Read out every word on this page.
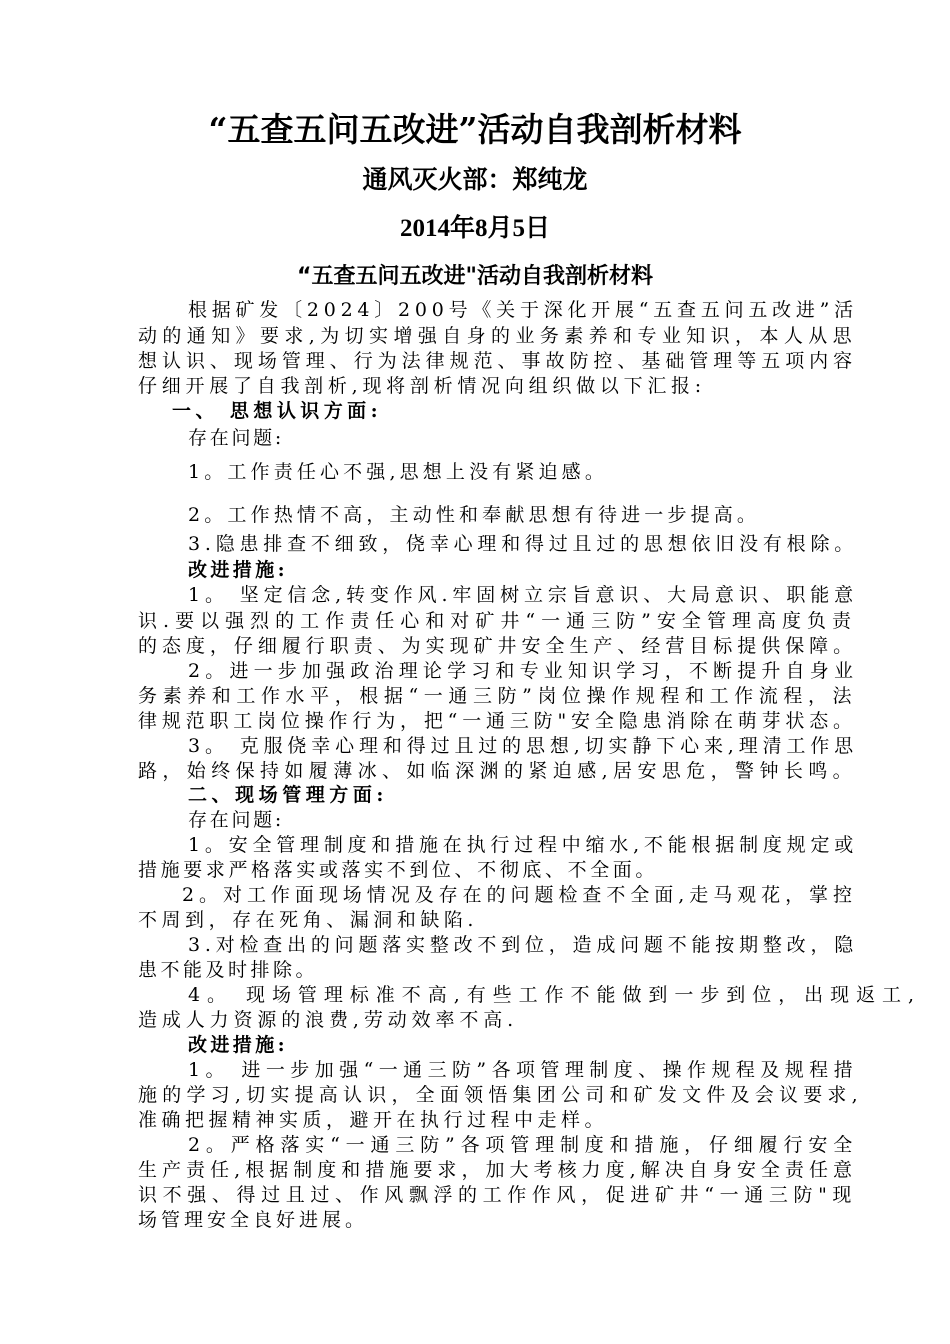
“五查五问五改进”活动自我剖析材料
通风灭火部：郑纯龙
2014年8月5日
“五查五问五改进"活动自我剖析材料
根据矿发〔2024〕200号《关于深化开展“五查五问五改进”活
动的通知》要求,为切实增强自身的业务素养和专业知识，本人从思
想认识、现场管理、行为法律规范、事故防控、基础管理等五项内容
仔细开展了自我剖析,现将剖析情况向组织做以下汇报:
一、 思想认识方面:
存在问题:
1。工作责任心不强,思想上没有紧迫感。
2。工作热情不高，主动性和奉献思想有待进一步提高。
3.隐患排查不细致，侥幸心理和得过且过的思想依旧没有根除。
改进措施:
1。 坚定信念,转变作风.牢固树立宗旨意识、大局意识、职能意
识.要以强烈的工作责任心和对矿井“一通三防”安全管理高度负责
的态度，仔细履行职责、为实现矿井安全生产、经营目标提供保障。
2。进一步加强政治理论学习和专业知识学习，不断提升自身业
务素养和工作水平，根据“一通三防”岗位操作规程和工作流程，法
律规范职工岗位操作行为，把“一通三防"安全隐患消除在萌芽状态。
3。 克服侥幸心理和得过且过的思想,切实静下心来,理清工作思
路，始终保持如履薄冰、如临深渊的紧迫感,居安思危，警钟长鸣。
二、现场管理方面:
存在问题:
1。安全管理制度和措施在执行过程中缩水,不能根据制度规定或
措施要求严格落实或落实不到位、不彻底、不全面。
2。对工作面现场情况及存在的问题检查不全面,走马观花，掌控
不周到，存在死角、漏洞和缺陷.
3.对检查出的问题落实整改不到位，造成问题不能按期整改，隐
患不能及时排除。
4。 现场管理标准不高,有些工作不能做到一步到位，出现返工,
造成人力资源的浪费,劳动效率不高.
改进措施:
1。 进一步加强“一通三防”各项管理制度、操作规程及规程措
施的学习,切实提高认识，全面领悟集团公司和矿发文件及会议要求,
准确把握精神实质，避开在执行过程中走样。
2。严格落实“一通三防”各项管理制度和措施，仔细履行安全
生产责任,根据制度和措施要求，加大考核力度,解决自身安全责任意
识不强、得过且过、作风飘浮的工作作风，促进矿井“一通三防"现
场管理安全良好进展。
